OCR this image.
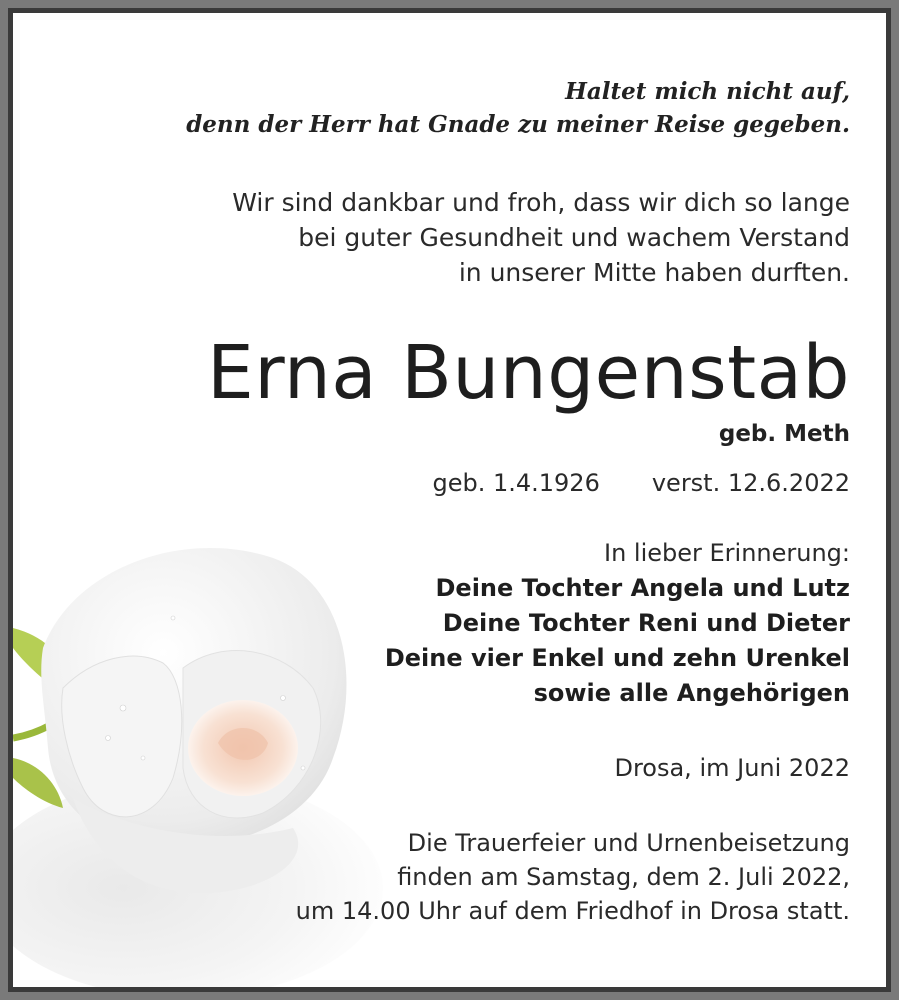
Haltet mich nicht auf,
denn der Herr hat Gnade zu meiner Reise gegeben.
Wir sind dankbar und froh, dass wir dich so lange
bei guter Gesundheit und wachem Verstand
in unserer Mitte haben durften.
Erna Bungenstab
geb. Meth
geb. 1.4.1926 verst. 12.6.2022
In lieber Erinnerung:
Deine Tochter Angela und Lutz
Deine Tochter Reni und Dieter
Deine vier Enkel und zehn Urenkel
sowie alle Angehörigen
Drosa, im Juni 2022
Die Trauerfeier und Urnenbeisetzung
finden am Samstag, dem 2. Juli 2022,
um 14.00 Uhr auf dem Friedhof in Drosa statt.
